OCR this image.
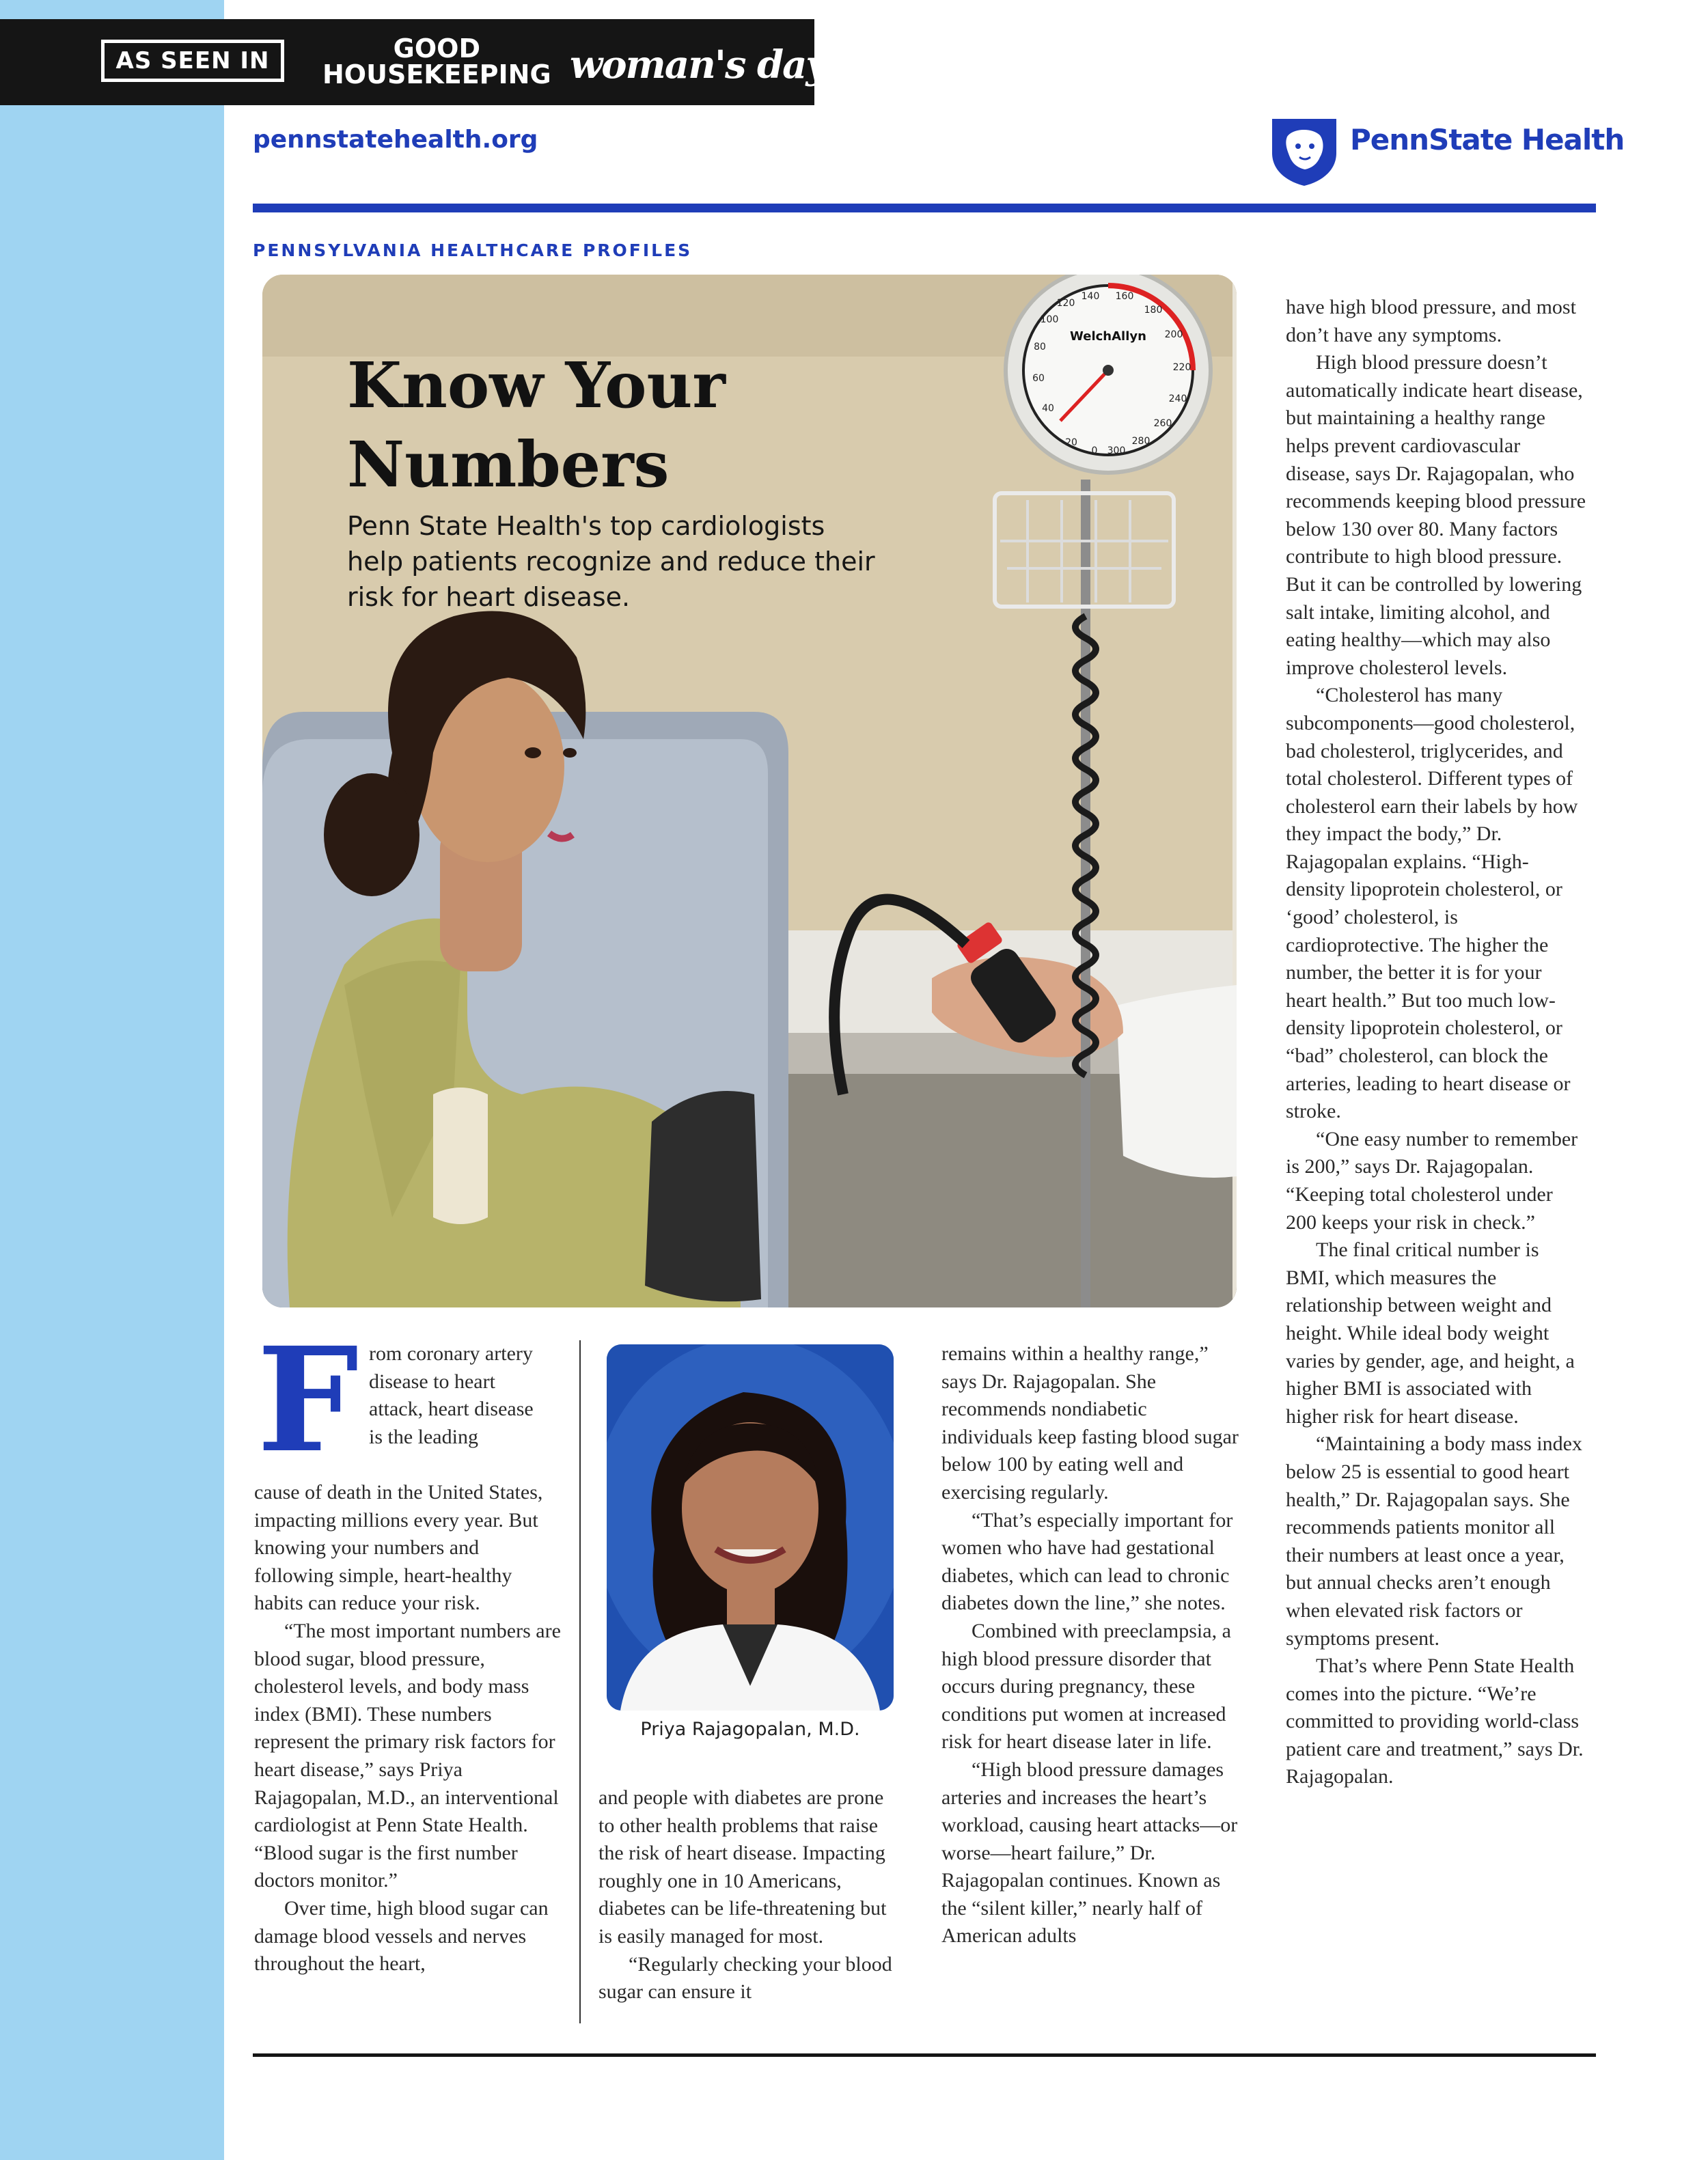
AS SEEN IN	GOOD
HOUSEKEEPING woman's day
pennstatehealth.org	PennState Health
PENNSYLVANIA HEALTHCARE PROFILES
WelchAllyn
140 160
180
200
220
240
260
280
300
0
20
40
60
80
100
120
Know Your
Numbers
Penn State Health's top cardiologists help patients recognize and reduce their risk for heart disease.
F rom coronary artery disease to heart attack, heart disease is the leading

cause of death in the United States, impacting millions every year. But knowing your numbers and following simple, heart-healthy habits can reduce your risk.

“The most important numbers are blood sugar, blood pressure, cholesterol levels, and body mass index (BMI). These numbers represent the primary risk factors for heart disease,” says Priya Rajagopalan, M.D., an interventional cardiologist at Penn State Health. “Blood sugar is the first number doctors monitor.”

Over time, high blood sugar can damage blood vessels and nerves throughout the heart,

Priya Rajagopalan, M.D.

and people with diabetes are prone to other health problems that raise the risk of heart disease. Impacting roughly one in 10 Americans, diabetes can be life-threatening but is easily managed for most.

“Regularly checking your blood sugar can ensure it

remains within a healthy range,” says Dr. Rajagopalan. She recommends nondiabetic individuals keep fasting blood sugar below 100 by eating well and exercising regularly.

“That’s especially important for women who have had gestational diabetes, which can lead to chronic diabetes down the line,” she notes.

Combined with preeclampsia, a high blood pressure disorder that occurs during pregnancy, these conditions put women at increased risk for heart disease later in life.

“High blood pressure damages arteries and increases the heart’s workload, causing heart attacks—or worse—heart failure,” Dr. Rajagopalan continues. Known as the “silent killer,” nearly half of American adults

have high blood pressure, and most don’t have any symptoms.

High blood pressure doesn’t automatically indicate heart disease, but maintaining a healthy range helps prevent cardiovascular disease, says Dr. Rajagopalan, who recommends keeping blood pressure below 130 over 80. Many factors contribute to high blood pressure. But it can be controlled by lowering salt intake, limiting alcohol, and eating healthy—which may also improve cholesterol levels.

“Cholesterol has many subcomponents—good cholesterol, bad cholesterol, triglycerides, and total cholesterol. Different types of cholesterol earn their labels by how they impact the body,” Dr. Rajagopalan explains. “High-density lipoprotein cholesterol, or ‘good’ cholesterol, is cardioprotective. The higher the number, the better it is for your heart health.” But too much low-density lipoprotein cholesterol, or “bad” cholesterol, can block the arteries, leading to heart disease or stroke.

“One easy number to remember is 200,” says Dr. Rajagopalan. “Keeping total cholesterol under 200 keeps your risk in check.”

The final critical number is BMI, which measures the relationship between weight and height. While ideal body weight varies by gender, age, and height, a higher BMI is associated with higher risk for heart disease.

“Maintaining a body mass index below 25 is essential to good heart health,” Dr. Rajagopalan says. She recommends patients monitor all their numbers at least once a year, but annual checks aren’t enough when elevated risk factors or symptoms present.

That’s where Penn State Health comes into the picture. “We’re committed to providing world-class patient care and treatment,” says Dr. Rajagopalan.
